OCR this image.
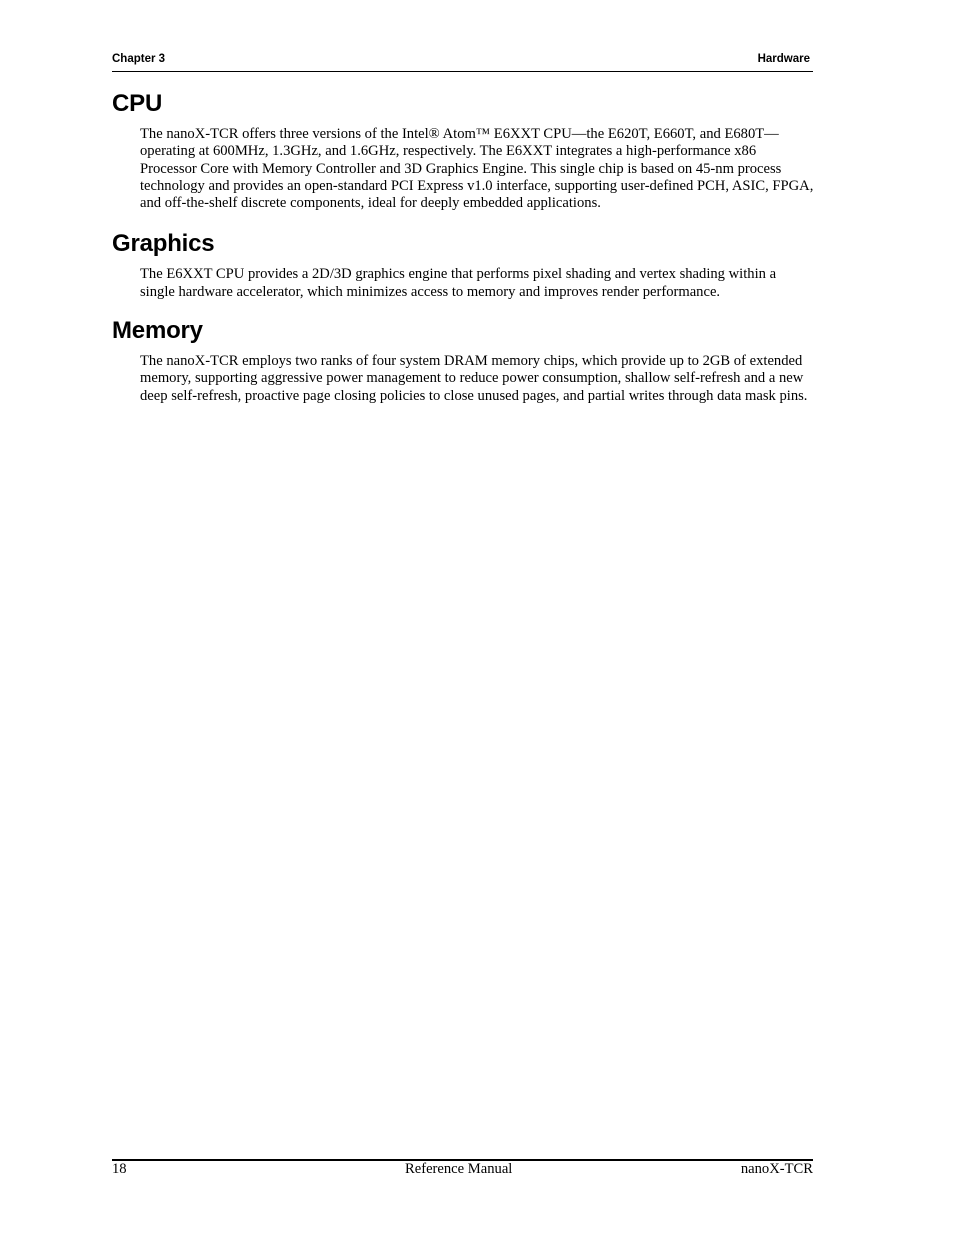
Chapter 3	Hardware
CPU

The nanoX-TCR offers three versions of the Intel® Atom™ E6XXT CPU—the E620T, E660T, and E680T—operating at 600MHz, 1.3GHz, and 1.6GHz, respectively. The E6XXT integrates a high-performance x86 Processor Core with Memory Controller and 3D Graphics Engine. This single chip is based on 45-nm process technology and provides an open-standard PCI Express v1.0 interface, supporting user-defined PCH, ASIC, FPGA, and off-the-shelf discrete components, ideal for deeply embedded applications.

Graphics

The E6XXT CPU provides a 2D/3D graphics engine that performs pixel shading and vertex shading within a single hardware accelerator, which minimizes access to memory and improves render performance.

Memory

The nanoX-TCR employs two ranks of four system DRAM memory chips, which provide up to 2GB of extended memory, supporting aggressive power management to reduce power consumption, shallow self-refresh and a new deep self-refresh, proactive page closing policies to close unused pages, and partial writes through data mask pins.

18	Reference Manual	nanoX-TCR
